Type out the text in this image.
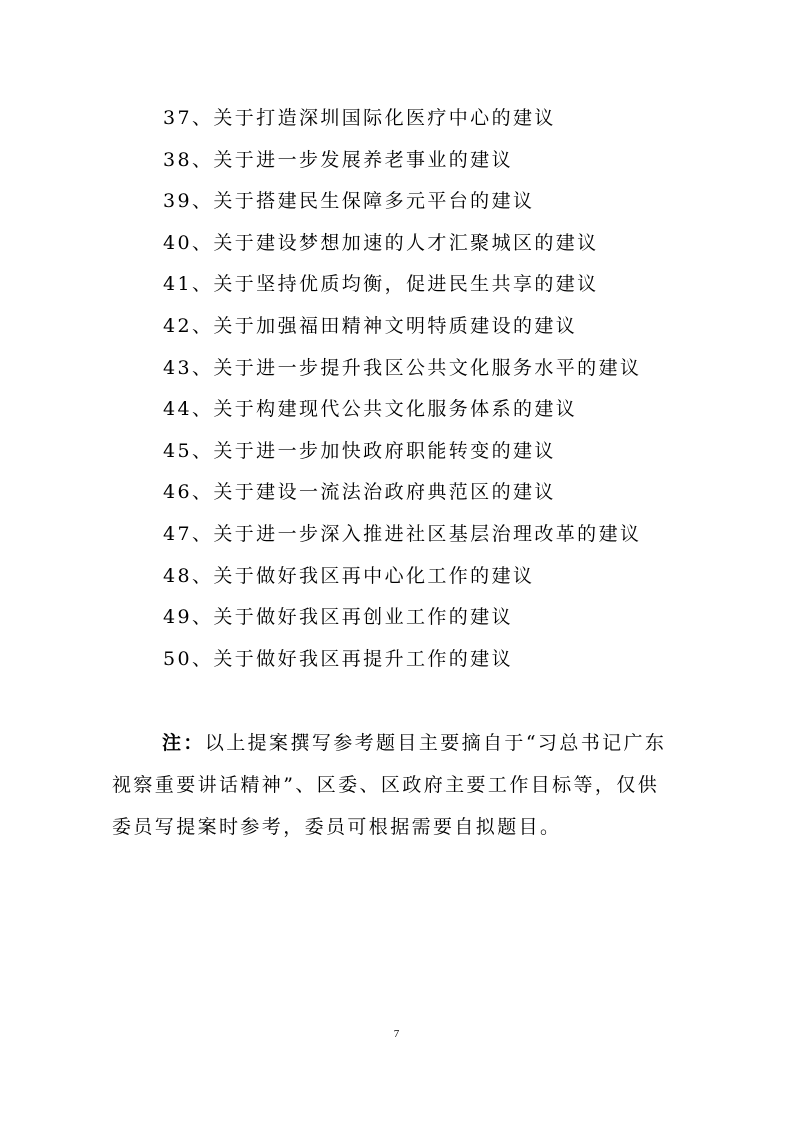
37、关于打造深圳国际化医疗中心的建议
38、关于进一步发展养老事业的建议
39、关于搭建民生保障多元平台的建议
40、关于建设梦想加速的人才汇聚城区的建议
41、关于坚持优质均衡，促进民生共享的建议
42、关于加强福田精神文明特质建设的建议
43、关于进一步提升我区公共文化服务水平的建议
44、关于构建现代公共文化服务体系的建议
45、关于进一步加快政府职能转变的建议
46、关于建设一流法治政府典范区的建议
47、关于进一步深入推进社区基层治理改革的建议
48、关于做好我区再中心化工作的建议
49、关于做好我区再创业工作的建议
50、关于做好我区再提升工作的建议

注：以上提案撰写参考题目主要摘自于“习总书记广东
视察重要讲话精神”、区委、区政府主要工作目标等，仅供
委员写提案时参考，委员可根据需要自拟题目。

7
